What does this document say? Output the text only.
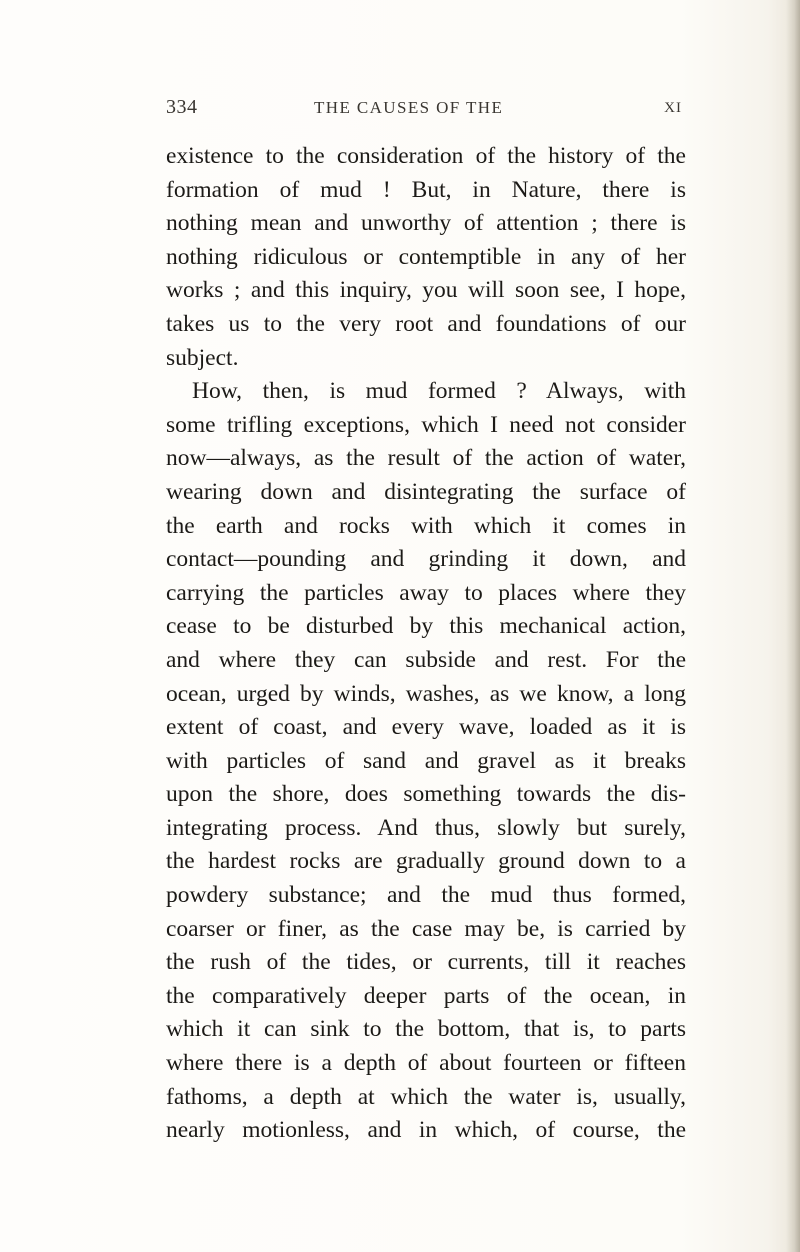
334	THE CAUSES OF THE	XI
existence to the consideration of the history of the
formation of mud ! But, in Nature, there is
nothing mean and unworthy of attention ; there is
nothing ridiculous or contemptible in any of her
works ; and this inquiry, you will soon see, I hope,
takes us to the very root and foundations of our
subject.
How, then, is mud formed ? Always, with
some trifling exceptions, which I need not consider
now—always, as the result of the action of water,
wearing down and disintegrating the surface of
the earth and rocks with which it comes in
contact—pounding and grinding it down, and
carrying the particles away to places where they
cease to be disturbed by this mechanical action,
and where they can subside and rest. For the
ocean, urged by winds, washes, as we know, a long
extent of coast, and every wave, loaded as it is
with particles of sand and gravel as it breaks
upon the shore, does something towards the dis-
integrating process. And thus, slowly but surely,
the hardest rocks are gradually ground down to a
powdery substance; and the mud thus formed,
coarser or finer, as the case may be, is carried by
the rush of the tides, or currents, till it reaches
the comparatively deeper parts of the ocean, in
which it can sink to the bottom, that is, to parts
where there is a depth of about fourteen or fifteen
fathoms, a depth at which the water is, usually,
nearly motionless, and in which, of course, the
